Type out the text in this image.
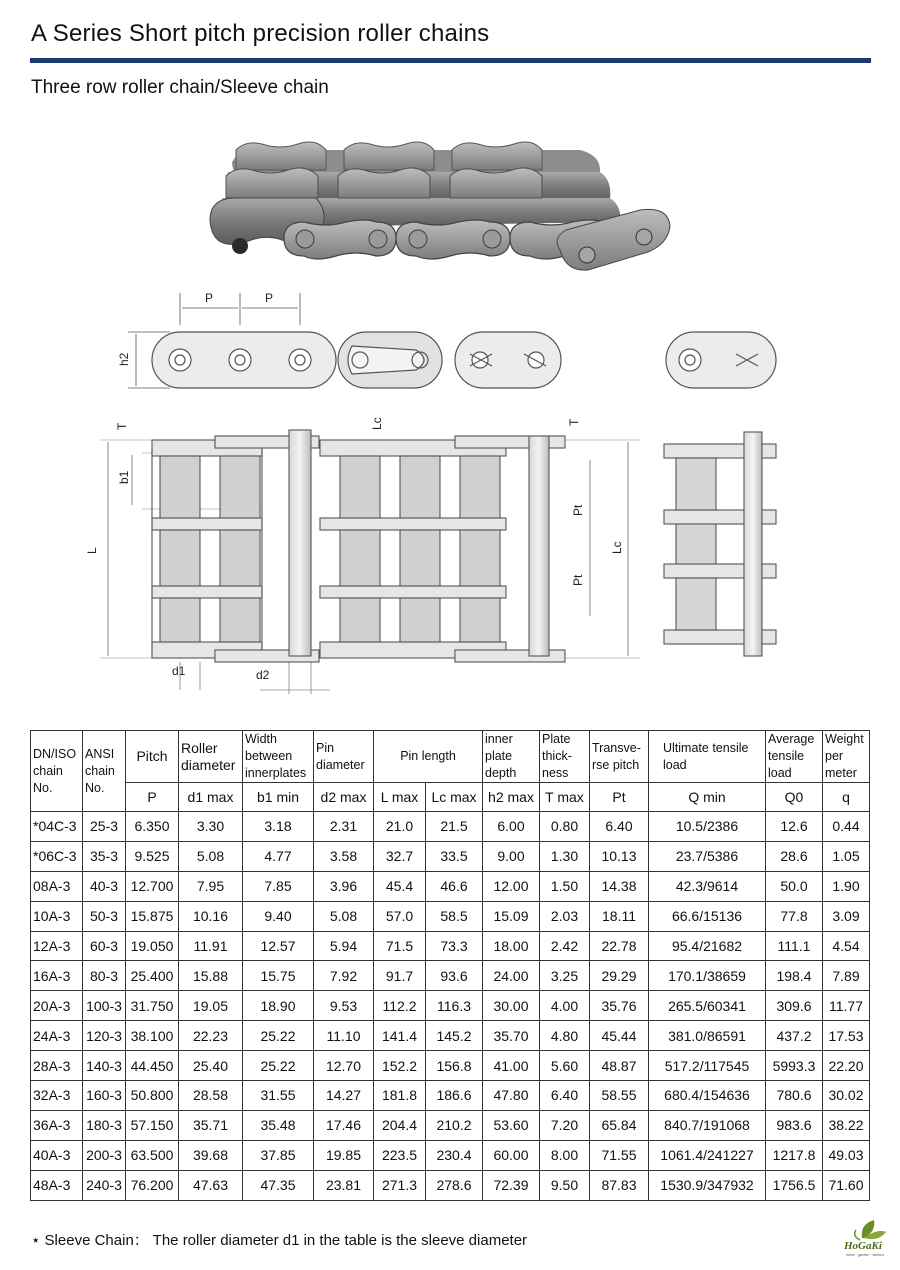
A Series Short pitch precision roller chains
Three row roller chain/Sleeve chain
P	P
h2
T	Lc	T
b1
L
Pt
Lc
Pt
d1	d2
DN/ISO chain No.	ANSI chain No.	Pitch	Roller diameter	Width between innerplates	Pin diameter	Pin length		inner plate depth	Plate thick-ness	Transve-rse pitch	Ultimate tensile load	Average tensile load	Weight per meter
		P	d1 max	b1 min	d2 max	L max	Lc max	h2 max	T max	Pt	Q min	Q0	q
*04C-3	25-3	6.350	3.30	3.18	2.31	21.0	21.5	6.00	0.80	6.40	10.5/2386	12.6	0.44
*06C-3	35-3	9.525	5.08	4.77	3.58	32.7	33.5	9.00	1.30	10.13	23.7/5386	28.6	1.05
08A-3	40-3	12.700	7.95	7.85	3.96	45.4	46.6	12.00	1.50	14.38	42.3/9614	50.0	1.90
10A-3	50-3	15.875	10.16	9.40	5.08	57.0	58.5	15.09	2.03	18.11	66.6/15136	77.8	3.09
12A-3	60-3	19.050	11.91	12.57	5.94	71.5	73.3	18.00	2.42	22.78	95.4/21682	111.1	4.54
16A-3	80-3	25.400	15.88	15.75	7.92	91.7	93.6	24.00	3.25	29.29	170.1/38659	198.4	7.89
20A-3	100-3	31.750	19.05	18.90	9.53	112.2	116.3	30.00	4.00	35.76	265.5/60341	309.6	11.77
24A-3	120-3	38.100	22.23	25.22	11.10	141.4	145.2	35.70	4.80	45.44	381.0/86591	437.2	17.53
28A-3	140-3	44.450	25.40	25.22	12.70	152.2	156.8	41.00	5.60	48.87	517.2/117545	5993.3	22.20
32A-3	160-3	50.800	28.58	31.55	14.27	181.8	186.6	47.80	6.40	58.55	680.4/154636	780.6	30.02
36A-3	180-3	57.150	35.71	35.48	17.46	204.4	210.2	53.60	7.20	65.84	840.7/191068	983.6	38.22
40A-3	200-3	63.500	39.68	37.85	19.85	223.5	230.4	60.00	8.00	71.55	1061.4/241227	1217.8	49.03
48A-3	240-3	76.200	47.63	47.35	23.81	271.3	278.6	72.39	9.50	87.83	1530.9/347932	1756.5	71.60
⋆ Sleeve Chain： The roller diameter d1 in the table is the sleeve diameter	HoGaKi
home · garden · kitchen
